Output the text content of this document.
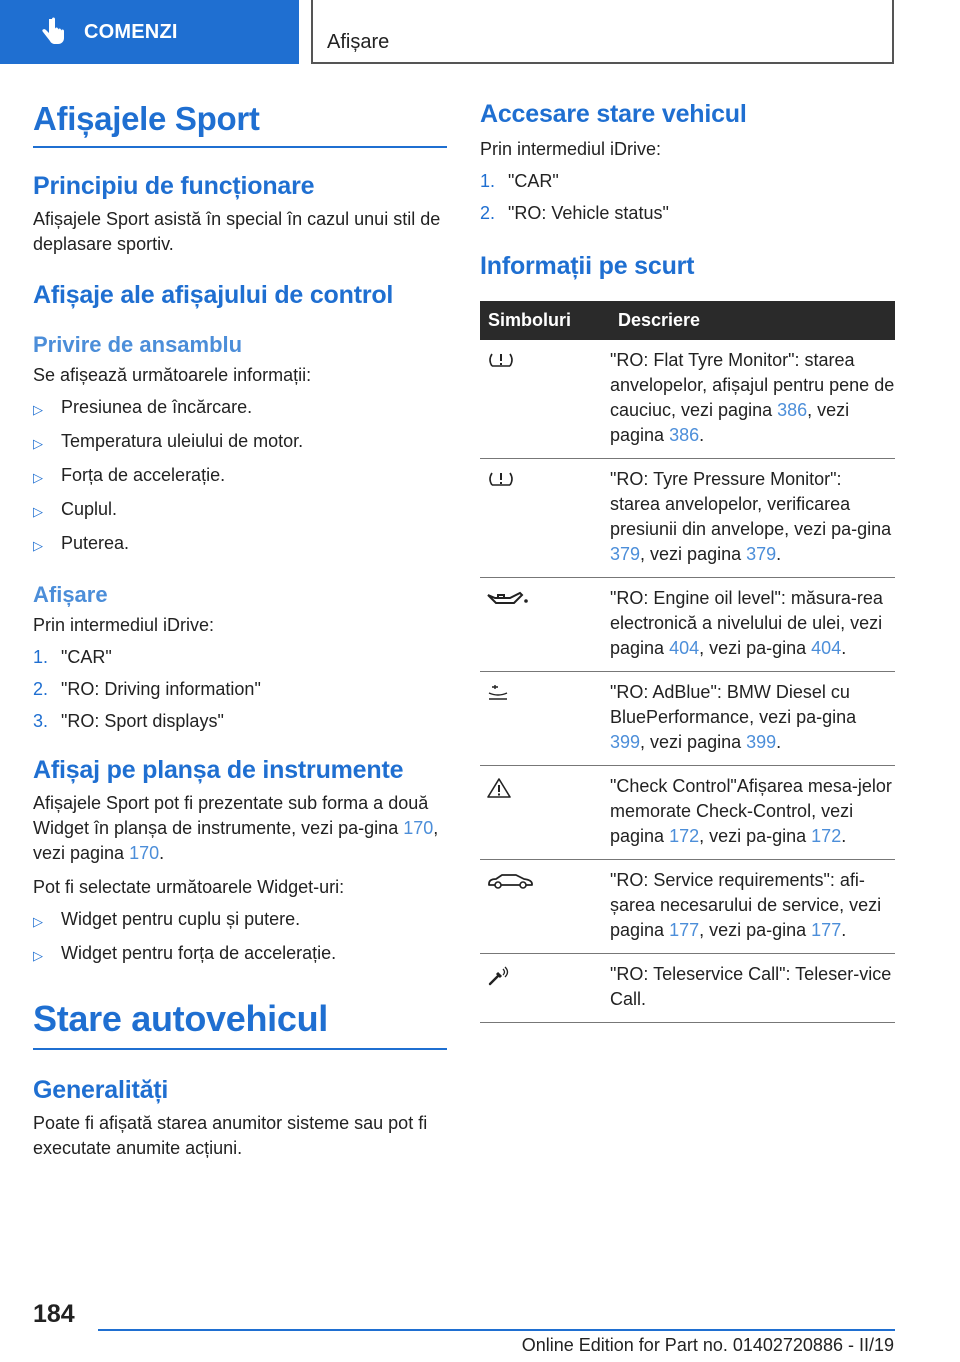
COMENZI	Afișare
Afișajele Sport
Principiu de funcționare

Afișajele Sport asistă în special în cazul unui stil de deplasare sportiv.

Afișaje ale afișajului de control
Privire de ansamblu

Se afișează următoarele informații:

▷	Presiunea de încărcare.
▷	Temperatura uleiului de motor.
▷	Forța de accelerație.
▷	Cuplul.
▷	Puterea.
Afișare

Prin intermediul iDrive:

1. "CAR"
2. "RO: Driving information"
3. "RO: Sport displays"
Afișaj pe planșa de instrumente

Afișajele Sport pot fi prezentate sub forma a două Widget în planșa de instrumente, vezi pa-gina 170, vezi pagina 170.

Pot fi selectate următoarele Widget-uri:

▷	Widget pentru cuplu și putere.
▷	Widget pentru forța de accelerație.
Stare autovehicul
Generalități

Poate fi afișată starea anumitor sisteme sau pot fi executate anumite acțiuni.

Accesare stare vehicul

Prin intermediul iDrive:

1. "CAR"
2. "RO: Vehicle status"
Informații pe scurt
Simboluri	Descriere

	"RO: Flat Tyre Monitor": starea anvelopelor, afișajul pentru pene de cauciuc, vezi pagina 386, vezi pagina 386.

	"RO: Tyre Pressure Monitor": starea anvelopelor, verificarea presiunii din anvelope, vezi pa-gina 379, vezi pagina 379.

	"RO: Engine oil level": măsura-rea electronică a nivelului de ulei, vezi pagina 404, vezi pa-gina 404.

	"RO: AdBlue": BMW Diesel cu BluePerformance, vezi pa-gina 399, vezi pagina 399.

	"Check Control"Afișarea mesa-jelor memorate Check-Control, vezi pagina 172, vezi pa-gina 172.

	"RO: Service requirements": afi-șarea necesarului de service, vezi pagina 177, vezi pa-gina 177.

	"RO: Teleservice Call": Teleser-vice Call.
184
Online Edition for Part no. 01402720886 - II/19
